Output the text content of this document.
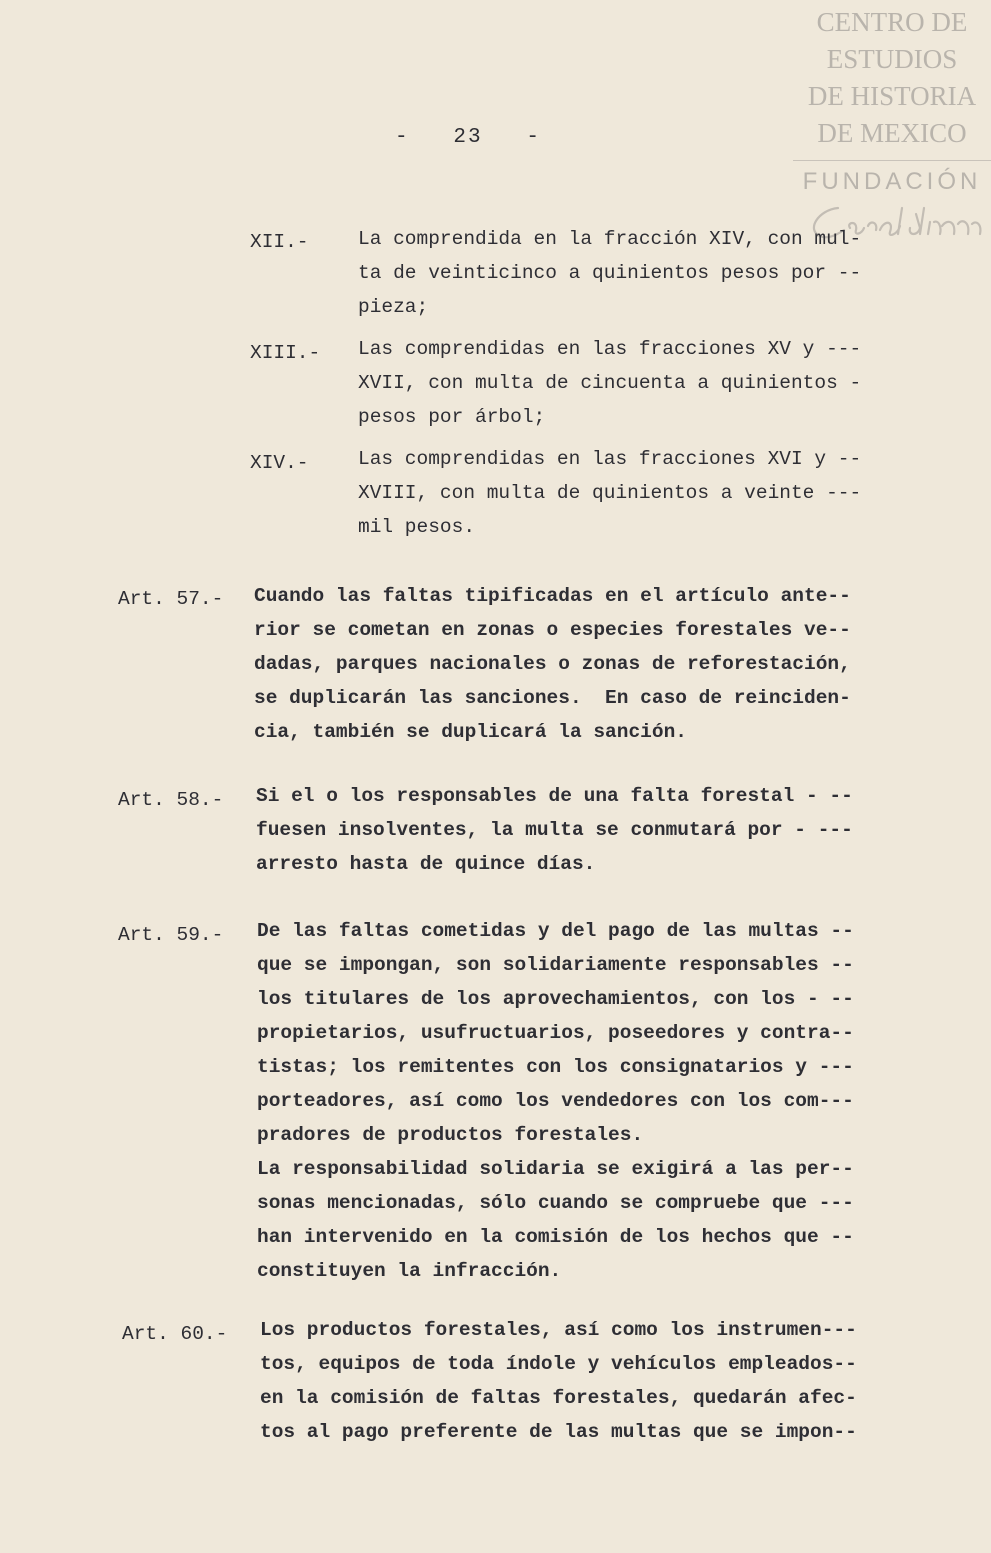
CENTRO DE
ESTUDIOS
DE HISTORIA
DE MEXICO
FUNDACIÓN
-   23   -
XII.-	La comprendida en la fracción XIV, con mul-
ta de veinticinco a quinientos pesos por --
pieza;
XIII.- Las comprendidas en las fracciones XV y ---
XVII, con multa de cincuenta a quinientos -
pesos por árbol;
XIV.-	Las comprendidas en las fracciones XVI y --
XVIII, con multa de quinientos a veinte ---
mil pesos.
Art. 57.- Cuando las faltas tipificadas en el artículo ante--
rior se cometan en zonas o especies forestales ve--
dadas, parques nacionales o zonas de reforestación,
se duplicarán las sanciones.  En caso de reinciden-
cia, también se duplicará la sanción.
Art. 58.- Si el o los responsables de una falta forestal - --
fuesen insolventes, la multa se conmutará por - ---
arresto hasta de quince días.
Art. 59.- De las faltas cometidas y del pago de las multas --
que se impongan, son solidariamente responsables --
los titulares de los aprovechamientos, con los - --
propietarios, usufructuarios, poseedores y contra--
tistas; los remitentes con los consignatarios y ---
porteadores, así como los vendedores con los com---
pradores de productos forestales.
La responsabilidad solidaria se exigirá a las per--
sonas mencionadas, sólo cuando se compruebe que ---
han intervenido en la comisión de los hechos que --
constituyen la infracción.
Art. 60.- Los productos forestales, así como los instrumen---
tos, equipos de toda índole y vehículos empleados--
en la comisión de faltas forestales, quedarán afec-
tos al pago preferente de las multas que se impon--
